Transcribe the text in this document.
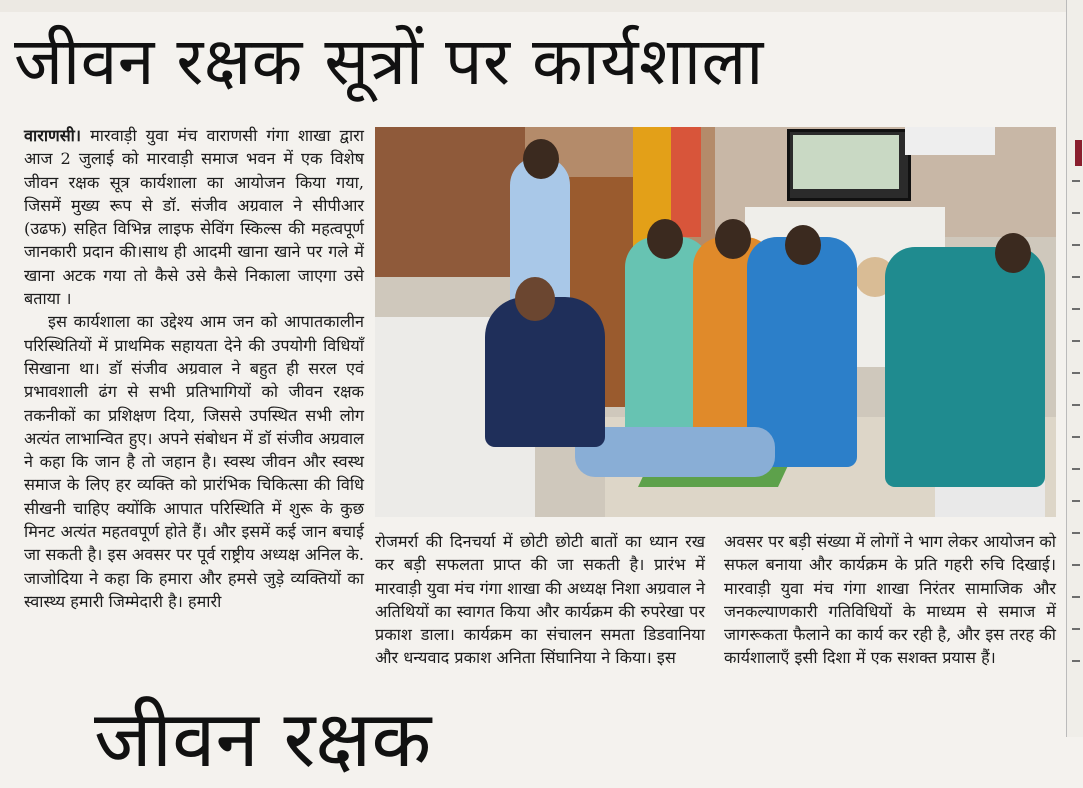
जीवन रक्षक सूत्रों पर कार्यशाला

वाराणसी। मारवाड़ी युवा मंच वाराणसी गंगा शाखा द्वारा आज 2 जुलाई को मारवाड़ी समाज भवन में एक विशेष जीवन रक्षक सूत्र कार्यशाला का आयोजन किया गया, जिसमें मुख्य रूप से डॉ. संजीव अग्रवाल ने सीपीआर (उढफ) सहित विभिन्न लाइफ सेविंग स्किल्स की महत्वपूर्ण जानकारी प्रदान की।साथ ही आदमी खाना खाने पर गले में खाना अटक गया तो कैसे उसे कैसे निकाला जाएगा उसे बताया ।

इस कार्यशाला का उद्देश्य आम जन को आपातकालीन परिस्थितियों में प्राथमिक सहायता देने की उपयोगी विधियाँ सिखाना था। डॉ संजीव अग्रवाल ने बहुत ही सरल एवं प्रभावशाली ढंग से सभी प्रतिभागियों को जीवन रक्षक तकनीकों का प्रशिक्षण दिया, जिससे उपस्थित सभी लोग अत्यंत लाभान्वित हुए। अपने संबोधन में डॉ संजीव अग्रवाल ने कहा कि जान है तो जहान है। स्वस्थ जीवन और स्वस्थ समाज के लिए हर व्यक्ति को प्रारंभिक चिकित्सा की विधि सीखनी चाहिए क्योंकि आपात परिस्थिति में शुरू के कुछ मिनट अत्यंत महतवपूर्ण होते हैं। और इसमें कई जान बचाई जा सकती है। इस अवसर पर पूर्व राष्ट्रीय अध्यक्ष अनिल के. जाजोदिया ने कहा कि हमारा और हमसे जुड़े व्यक्तियों का स्वास्थ्य हमारी जिम्मेदारी है। हमारी

रोजमर्रा की दिनचर्या में छोटी छोटी बातों का ध्यान रख कर बड़ी सफलता प्राप्त की जा सकती है। प्रारंभ में मारवाड़ी युवा मंच गंगा शाखा की अध्यक्ष निशा अग्रवाल ने अतिथियों का स्वागत किया और कार्यक्रम की रुपरेखा पर प्रकाश डाला। कार्यक्रम का संचालन समता डिडवानिया और धन्यवाद प्रकाश अनिता सिंघानिया ने किया। इस
अवसर पर बड़ी संख्या में लोगों ने भाग लेकर आयोजन को सफल बनाया और कार्यक्रम के प्रति गहरी रुचि दिखाई। मारवाड़ी युवा मंच गंगा शाखा निरंतर सामाजिक और जनकल्याणकारी गतिविधियों के माध्यम से समाज में जागरूकता फैलाने का कार्य कर रही है, और इस तरह की कार्यशालाएँ इसी दिशा में एक सशक्त प्रयास हैं।
जीवन रक्षक
